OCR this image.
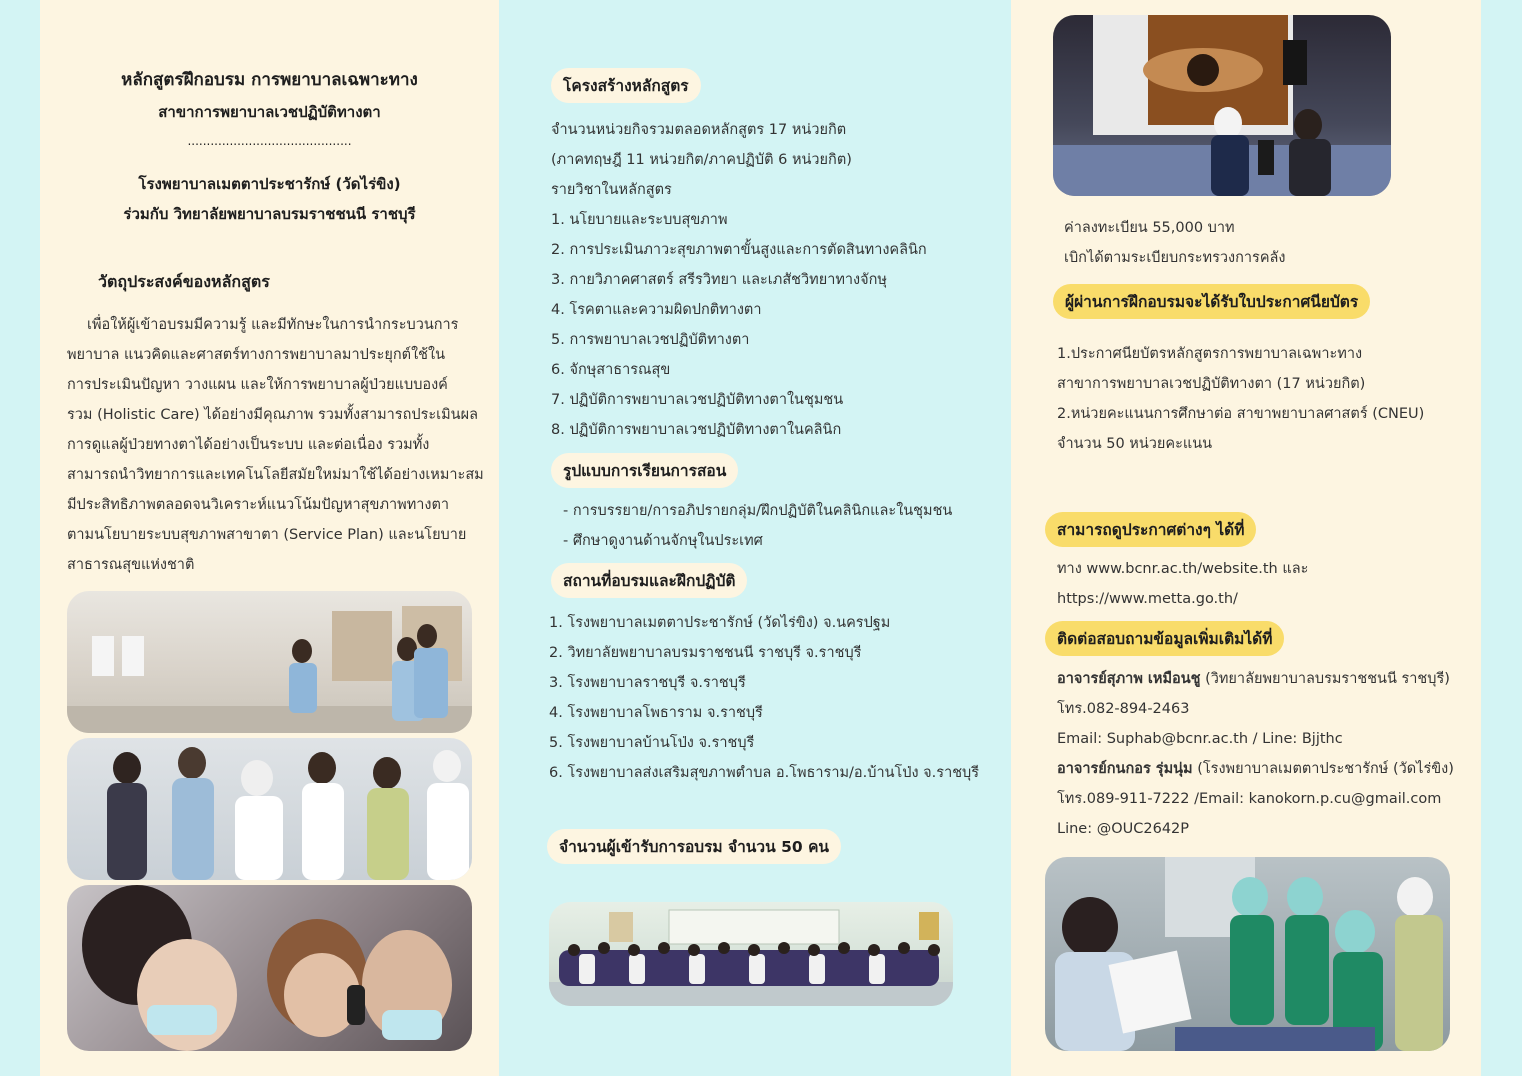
หลักสูตรฝึกอบรม การพยาบาลเฉพาะทาง
สาขาการพยาบาลเวชปฏิบัติทางตา
...........................................
โรงพยาบาลเมตตาประชารักษ์ (วัดไร่ขิง)
ร่วมกับ วิทยาลัยพยาบาลบรมราชชนนี ราชบุรี
วัตถุประสงค์ของหลักสูตร
เพื่อให้ผู้เข้าอบรมมีความรู้ และมีทักษะในการนำกระบวนการ
พยาบาล แนวคิดและศาสตร์ทางการพยาบาลมาประยุกต์ใช้ใน
การประเมินปัญหา วางแผน และให้การพยาบาลผู้ป่วยแบบองค์
รวม (Holistic Care) ได้อย่างมีคุณภาพ รวมทั้งสามารถประเมินผล
การดูแลผู้ป่วยทางตาได้อย่างเป็นระบบ และต่อเนื่อง รวมทั้ง
สามารถนำวิทยาการและเทคโนโลยีสมัยใหม่มาใช้ได้อย่างเหมาะสม
มีประสิทธิภาพตลอดจนวิเคราะห์แนวโน้มปัญหาสุขภาพทางตา
ตามนโยบายระบบสุขภาพสาขาตา (Service Plan) และนโยบาย
สาธารณสุขแห่งชาติ
โครงสร้างหลักสูตร
จำนวนหน่วยกิจรวมตลอดหลักสูตร 17 หน่วยกิต
(ภาคทฤษฎี 11 หน่วยกิต/ภาคปฏิบัติ 6 หน่วยกิต)
รายวิชาในหลักสูตร
1. นโยบายและระบบสุขภาพ
2. การประเมินภาวะสุขภาพตาขั้นสูงและการตัดสินทางคลินิก
3. กายวิภาคศาสตร์ สรีรวิทยา และเภสัชวิทยาทางจักษุ
4. โรคตาและความผิดปกติทางตา
5. การพยาบาลเวชปฏิบัติทางตา
6. จักษุสาธารณสุข
7. ปฏิบัติการพยาบาลเวชปฏิบัติทางตาในชุมชน
8. ปฏิบัติการพยาบาลเวชปฏิบัติทางตาในคลินิก
รูปแบบการเรียนการสอน
- การบรรยาย/การอภิปรายกลุ่ม/ฝึกปฏิบัติในคลินิกและในชุมชน
- ศึกษาดูงานด้านจักษุในประเทศ
สถานที่อบรมและฝึกปฏิบัติ
1. โรงพยาบาลเมตตาประชารักษ์ (วัดไร่ขิง) จ.นครปฐม
2. วิทยาลัยพยาบาลบรมราชชนนี ราชบุรี จ.ราชบุรี
3. โรงพยาบาลราชบุรี จ.ราชบุรี
4. โรงพยาบาลโพธาราม จ.ราชบุรี
5. โรงพยาบาลบ้านโป่ง จ.ราชบุรี
6. โรงพยาบาลส่งเสริมสุขภาพตำบล อ.โพธาราม/อ.บ้านโป่ง จ.ราชบุรี
จำนวนผู้เข้ารับการอบรม จำนวน 50 คน
ค่าลงทะเบียน 55,000 บาท
เบิกได้ตามระเบียบกระทรวงการคลัง
ผู้ผ่านการฝึกอบรมจะได้รับใบประกาศนียบัตร
1.ประกาศนียบัตรหลักสูตรการพยาบาลเฉพาะทาง
สาขาการพยาบาลเวชปฏิบัติทางตา (17 หน่วยกิต)
2.หน่วยคะแนนการศึกษาต่อ สาขาพยาบาลศาสตร์ (CNEU)
จำนวน 50 หน่วยคะแนน
สามารถดูประกาศต่างๆ ได้ที่
ทาง www.bcnr.ac.th/website.th และ
https://www.metta.go.th/
ติดต่อสอบถามข้อมูลเพิ่มเติมได้ที่
อาจารย์สุภาพ เหมือนชู (วิทยาลัยพยาบาลบรมราชชนนี ราชบุรี)
โทร.082-894-2463
Email: Suphab@bcnr.ac.th / Line: Bjjthc
อาจารย์กนกอร รุ่มนุ่ม (โรงพยาบาลเมตตาประชารักษ์ (วัดไร่ขิง)
โทร.089-911-7222 /Email: kanokorn.p.cu@gmail.com
Line: @OUC2642P
